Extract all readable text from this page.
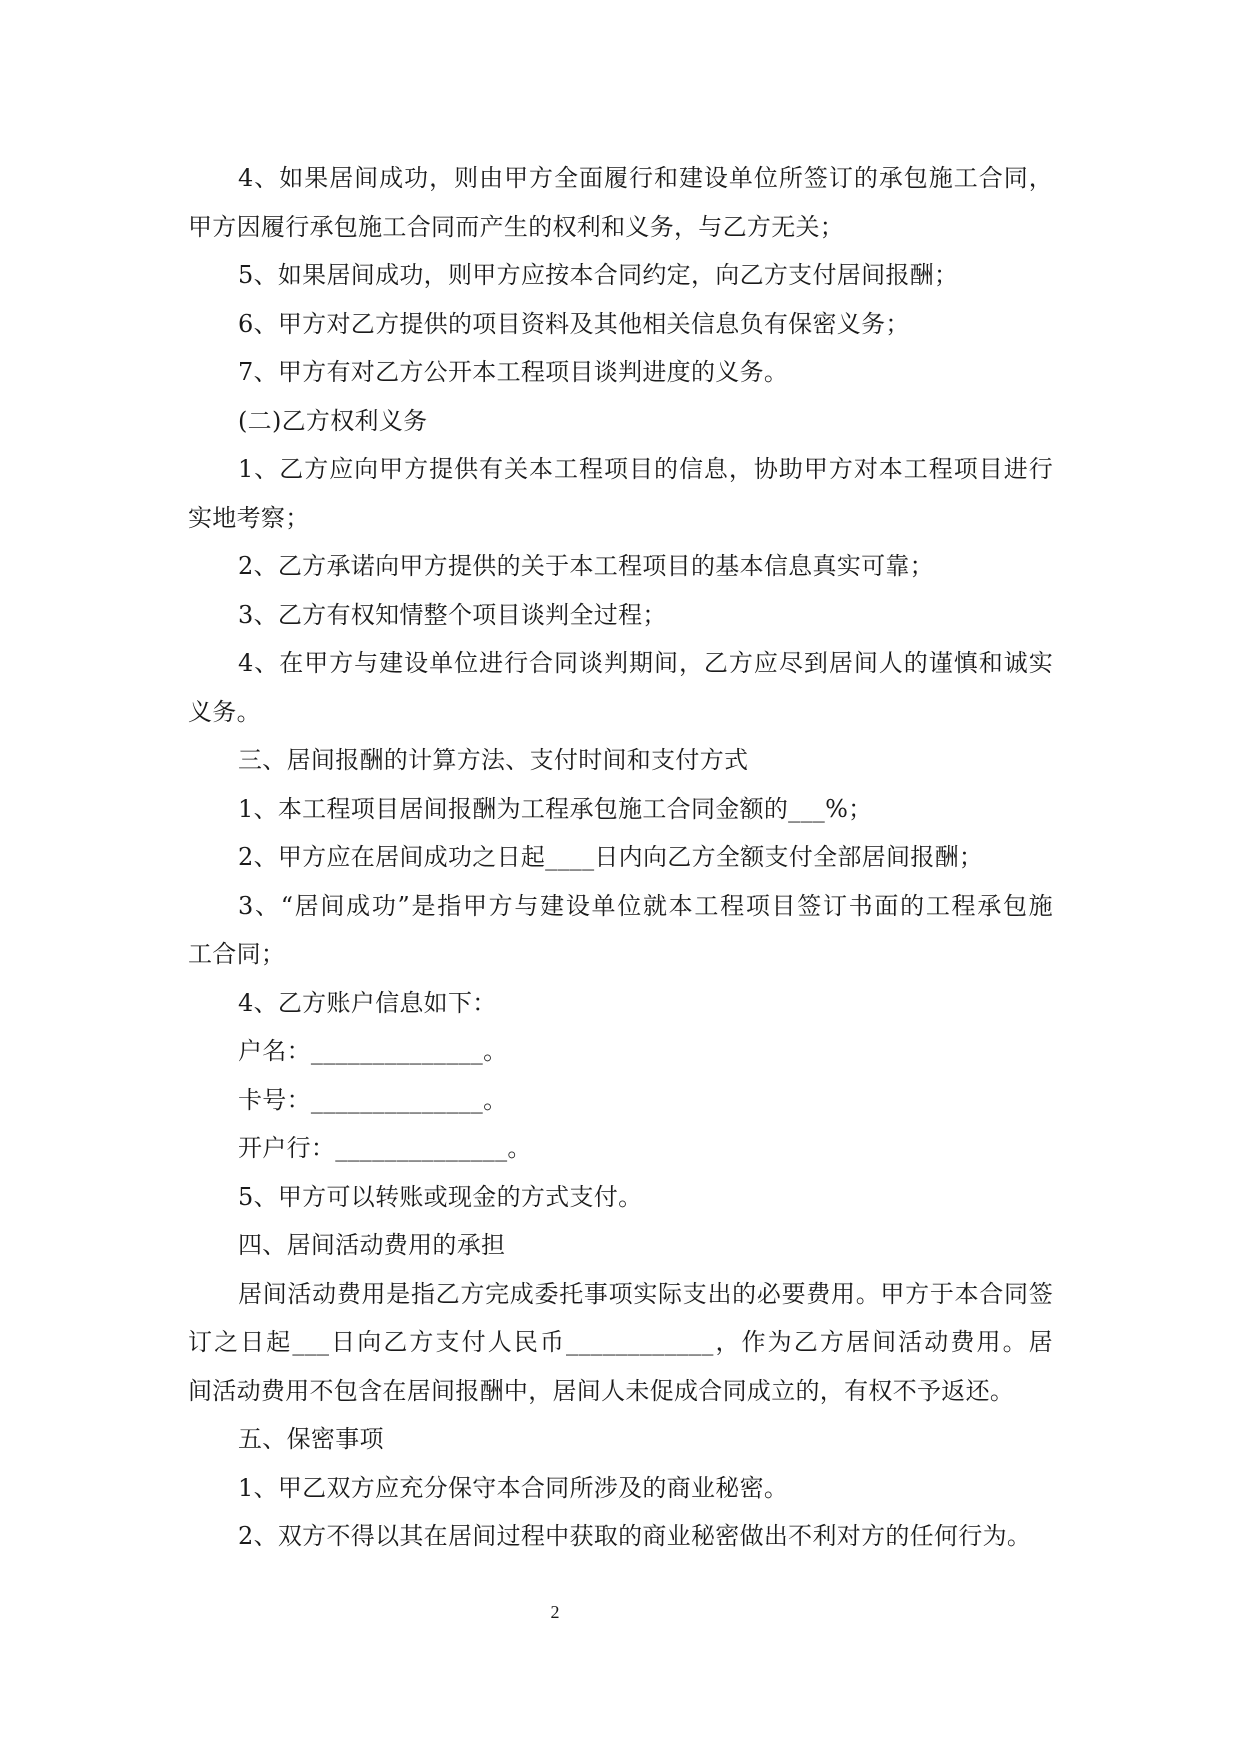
4、如果居间成功，则由甲方全面履行和建设单位所签订的承包施工合同，
甲方因履行承包施工合同而产生的权利和义务，与乙方无关；
5、如果居间成功，则甲方应按本合同约定，向乙方支付居间报酬；
6、甲方对乙方提供的项目资料及其他相关信息负有保密义务；
7、甲方有对乙方公开本工程项目谈判进度的义务。
(二)乙方权利义务
1、乙方应向甲方提供有关本工程项目的信息，协助甲方对本工程项目进行
实地考察；
2、乙方承诺向甲方提供的关于本工程项目的基本信息真实可靠；
3、乙方有权知情整个项目谈判全过程；
4、在甲方与建设单位进行合同谈判期间，乙方应尽到居间人的谨慎和诚实
义务。
三、居间报酬的计算方法、支付时间和支付方式
1、本工程项目居间报酬为工程承包施工合同金额的___%；
2、甲方应在居间成功之日起____日内向乙方全额支付全部居间报酬；
3、“居间成功”是指甲方与建设单位就本工程项目签订书面的工程承包施
工合同；
4、乙方账户信息如下：
户名：______________。
卡号：______________。
开户行：______________。
5、甲方可以转账或现金的方式支付。
四、居间活动费用的承担
居间活动费用是指乙方完成委托事项实际支出的必要费用。甲方于本合同签
订之日起___日向乙方支付人民币____________，作为乙方居间活动费用。居
间活动费用不包含在居间报酬中，居间人未促成合同成立的，有权不予返还。
五、保密事项
1、甲乙双方应充分保守本合同所涉及的商业秘密。
2、双方不得以其在居间过程中获取的商业秘密做出不利对方的任何行为。
2
